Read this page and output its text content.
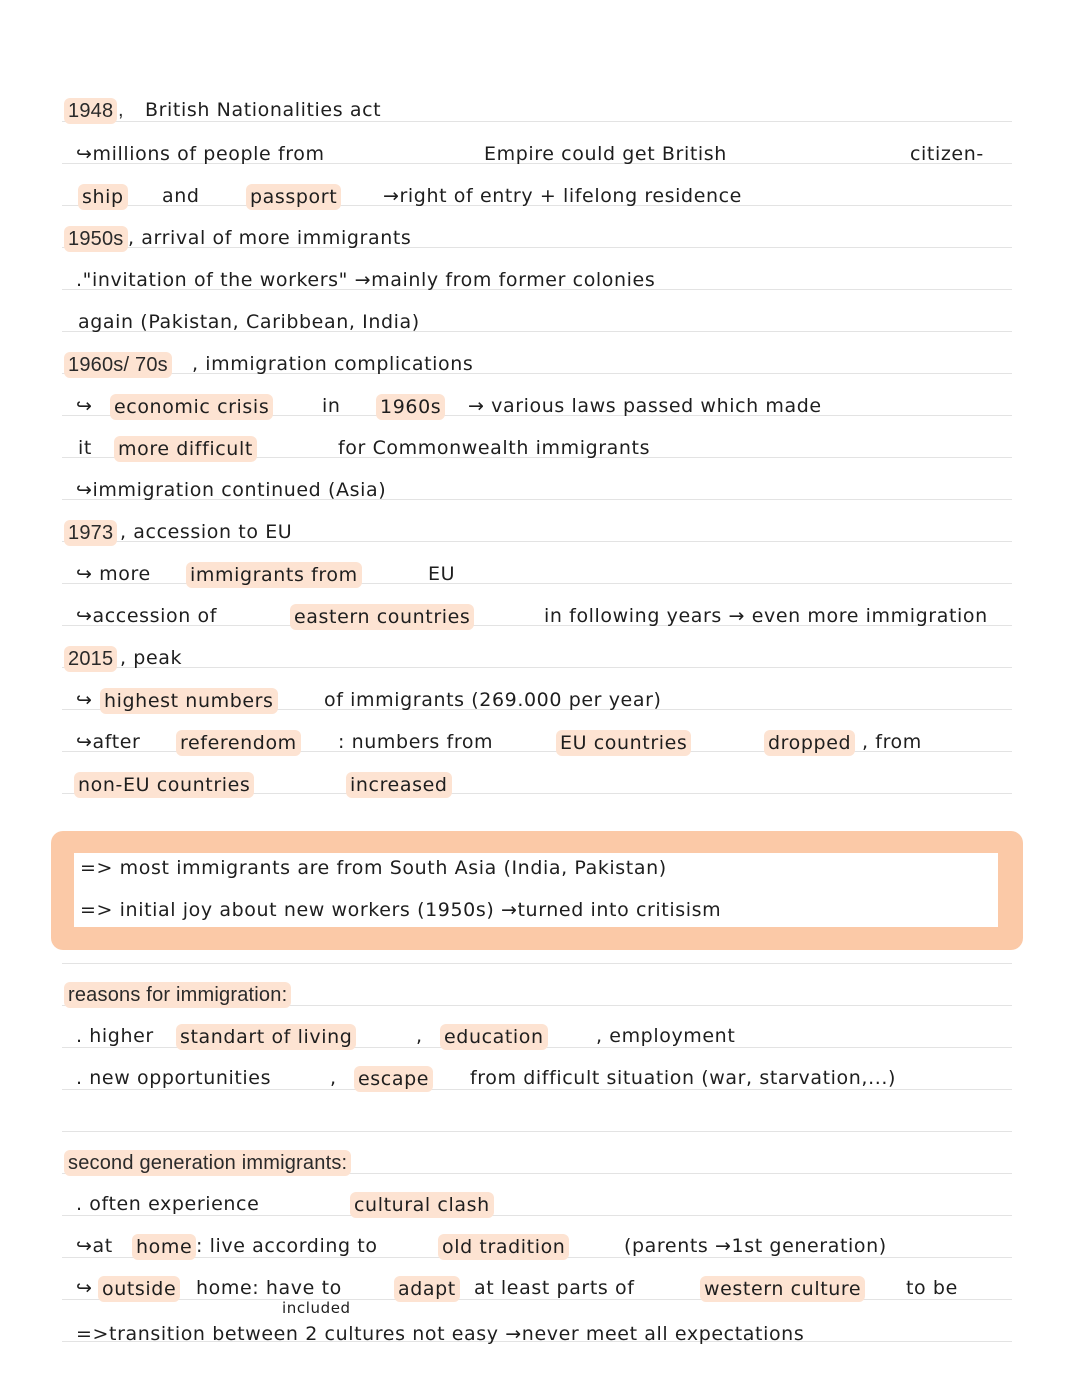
1948 , British Nationalities act
↪millions of people from	Empire could get British	citizen-
ship and	passport →right of entry + lifelong residence
1950s , arrival of more immigrants
."invitation of the workers" →mainly from former colonies
again (Pakistan, Caribbean, India)
1960s/ 70s , immigration complications
↪ economic crisis	in 1960s → various laws passed which made
it more difficult	for Commonwealth immigrants
↪immigration continued (Asia)
1973 , accession to EU
↪ more immigrants from	EU
↪accession of	eastern countries	in following years → even more immigration
2015 , peak
↪ highest numbers	of immigrants (269.000 per year)
↪after referendom : numbers from	EU countries	dropped , from
non-EU countries	increased
=> most immigrants are from South Asia (India, Pakistan)
=> initial joy about new workers (1950s) →turned into critisism
reasons for immigration:
. higher standart of living	, education	, employment
. new opportunities	, escape from difficult situation (war, starvation,...)
second generation immigrants:
. often experience	cultural clash
↪at home : live according to	old tradition	(parents →1st generation)
↪ outside home: have to	adapt at least parts of	western culture to be
included
=>transition between 2 cultures not easy →never meet all expectations
